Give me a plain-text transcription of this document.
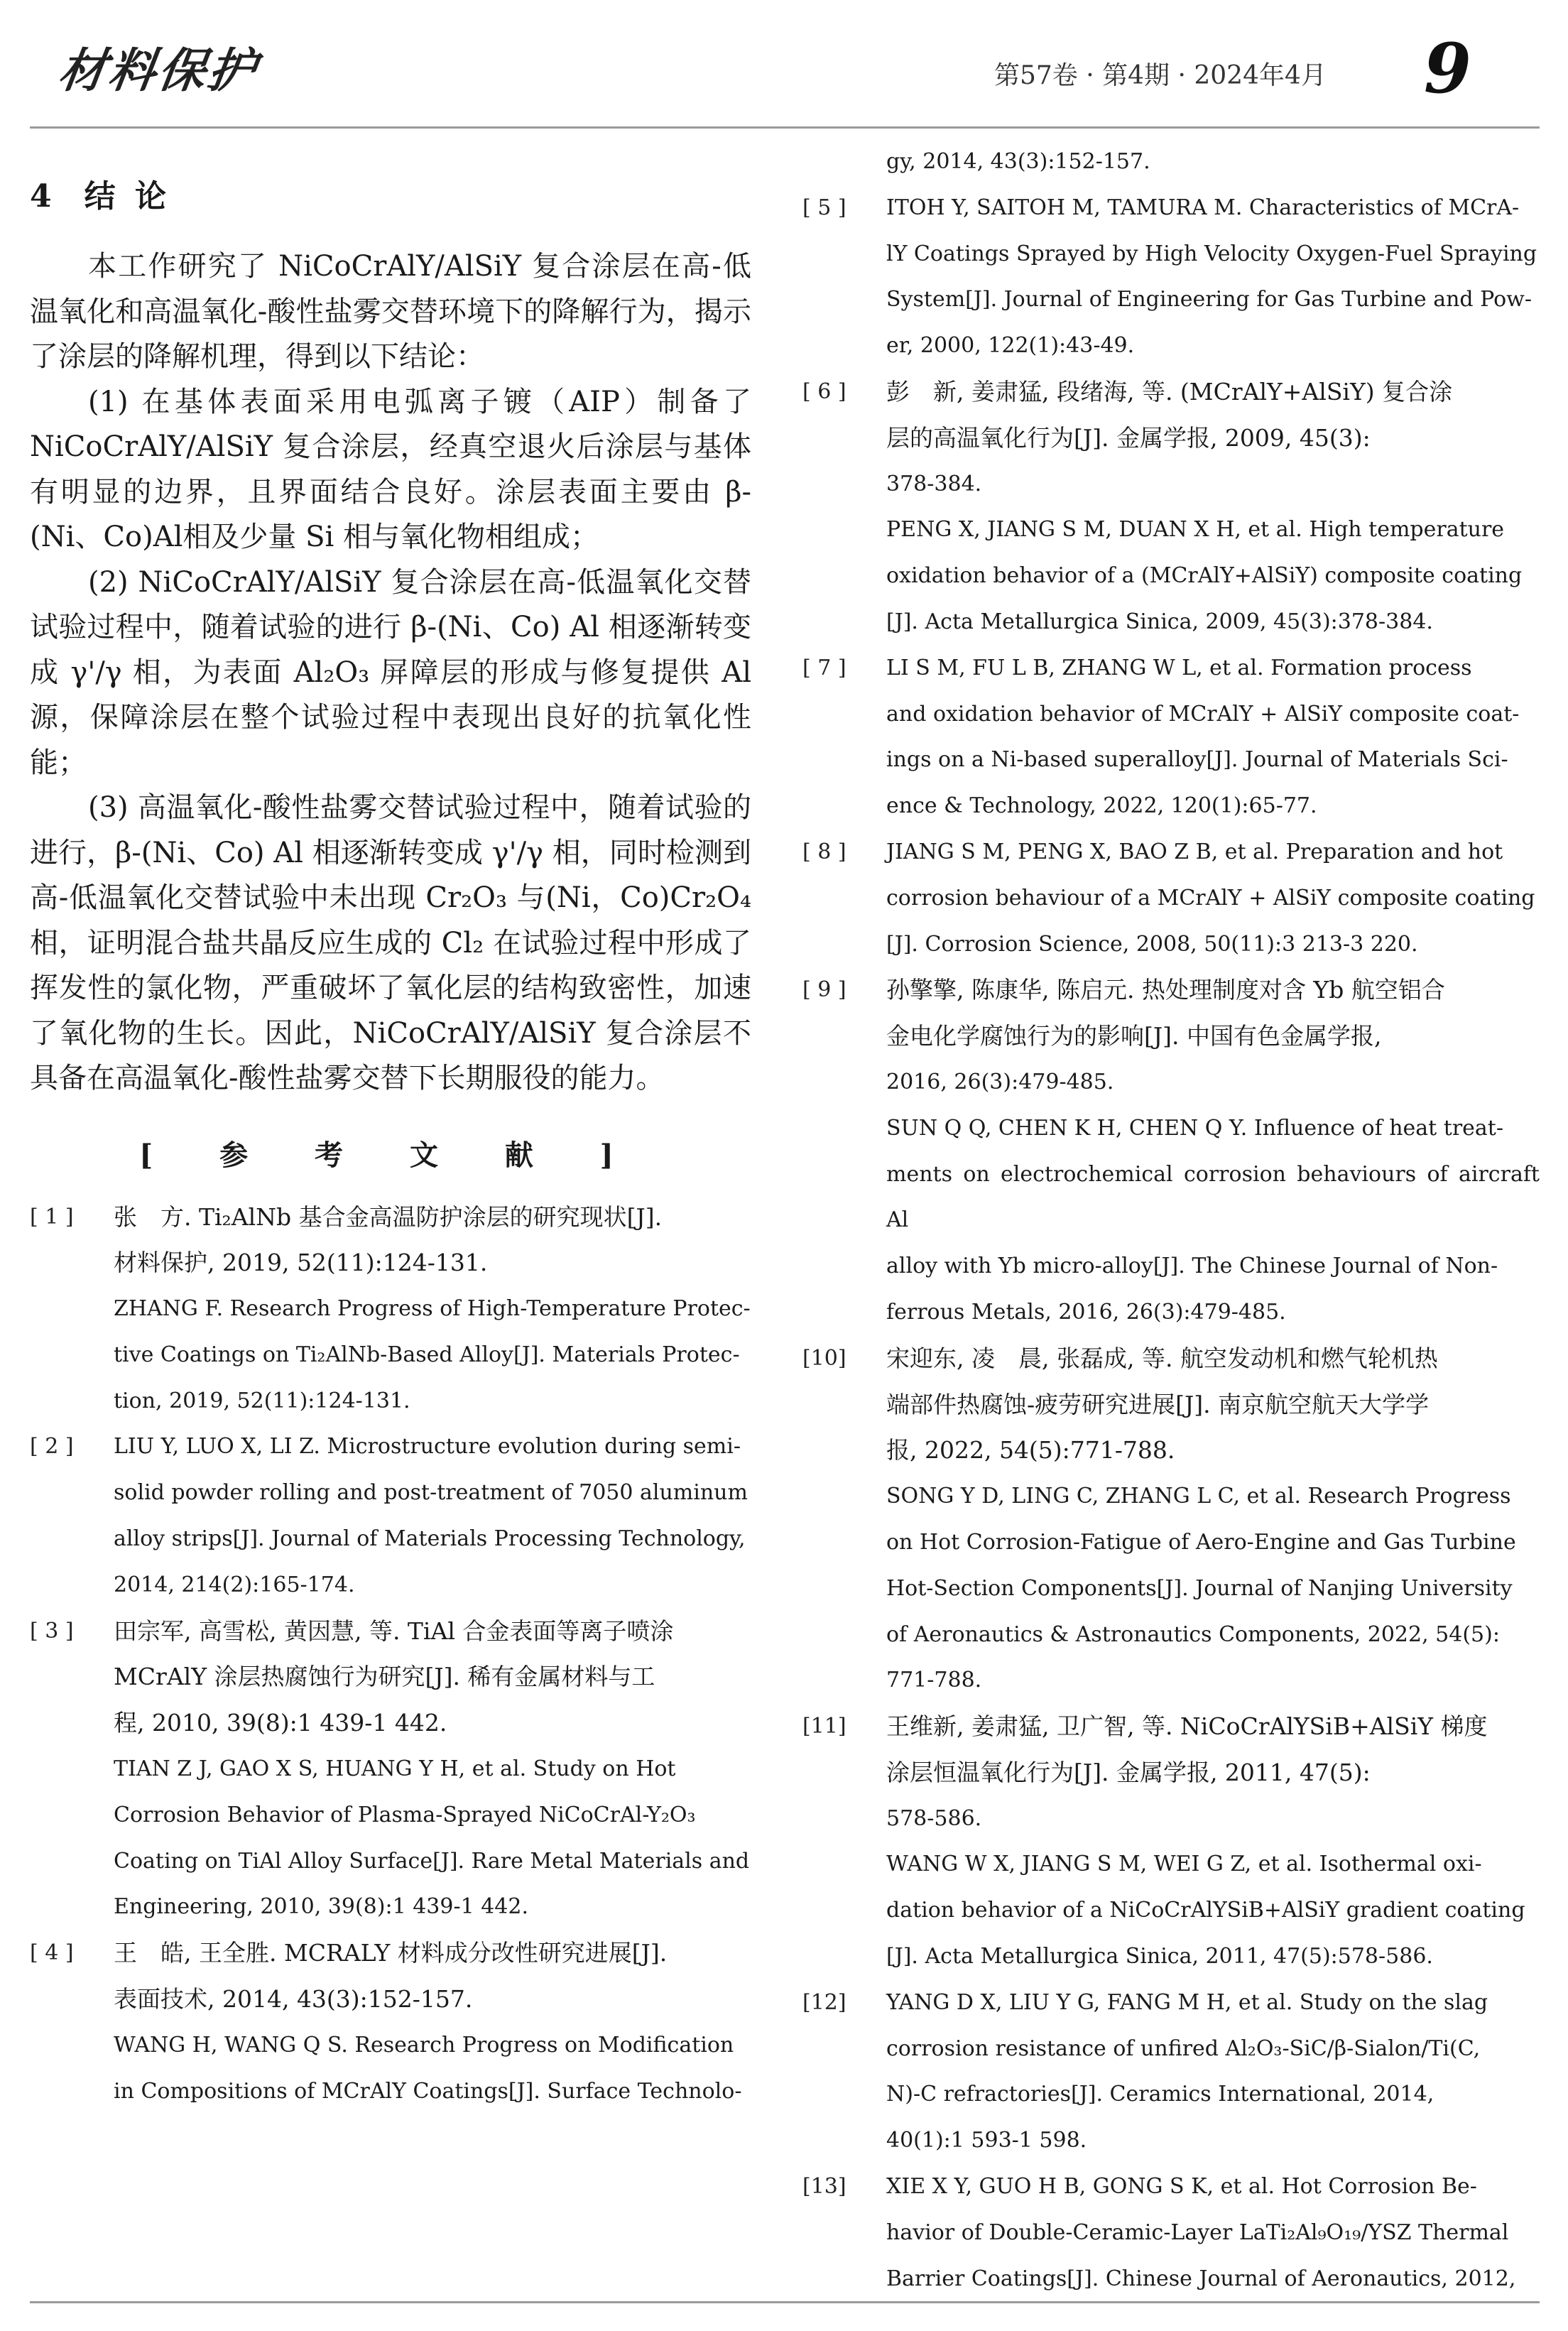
材料保护	第57卷 · 第4期 · 2024年4月 9
4 结 论

本工作研究了 NiCoCrAlY/AlSiY 复合涂层在高-低温氧化和高温氧化-酸性盐雾交替环境下的降解行为，揭示了涂层的降解机理，得到以下结论：

(1) 在基体表面采用电弧离子镀（AIP）制备了 NiCoCrAlY/AlSiY 复合涂层，经真空退火后涂层与基体有明显的边界，且界面结合良好。涂层表面主要由 β-(Ni、Co)Al相及少量 Si 相与氧化物相组成；

(2) NiCoCrAlY/AlSiY 复合涂层在高-低温氧化交替试验过程中，随着试验的进行 β-(Ni、Co) Al 相逐渐转变成 γ'/γ 相，为表面 Al₂O₃ 屏障层的形成与修复提供 Al 源，保障涂层在整个试验过程中表现出良好的抗氧化性能；

(3) 高温氧化-酸性盐雾交替试验过程中，随着试验的进行，β-(Ni、Co) Al 相逐渐转变成 γ'/γ 相，同时检测到高-低温氧化交替试验中未出现 Cr₂O₃ 与(Ni，Co)Cr₂O₄相，证明混合盐共晶反应生成的 Cl₂ 在试验过程中形成了挥发性的氯化物，严重破坏了氧化层的结构致密性，加速了氧化物的生长。因此，NiCoCrAlY/AlSiY 复合涂层不具备在高温氧化-酸性盐雾交替下长期服役的能力。

[ 参 考 文 献 ]
[ 1 ] 张　方. Ti₂AlNb 基合金高温防护涂层的研究现状[J].
材料保护, 2019, 52(11):124-131.
ZHANG F. Research Progress of High-Temperature Protec-
tive Coatings on Ti₂AlNb-Based Alloy[J]. Materials Protec-
tion, 2019, 52(11):124-131.
[ 2 ] LIU Y, LUO X, LI Z. Microstructure evolution during semi-
solid powder rolling and post-treatment of 7050 aluminum
alloy strips[J]. Journal of Materials Processing Technology,
2014, 214(2):165-174.
[ 3 ] 田宗军, 高雪松, 黄因慧, 等. TiAl 合金表面等离子喷涂
MCrAlY 涂层热腐蚀行为研究[J]. 稀有金属材料与工
程, 2010, 39(8):1 439-1 442.
TIAN Z J, GAO X S, HUANG Y H, et al. Study on Hot
Corrosion Behavior of Plasma-Sprayed NiCoCrAl-Y₂O₃
Coating on TiAl Alloy Surface[J]. Rare Metal Materials and
Engineering, 2010, 39(8):1 439-1 442.
[ 4 ] 王　皓, 王全胜. MCRALY 材料成分改性研究进展[J].
表面技术, 2014, 43(3):152-157.
WANG H, WANG Q S. Research Progress on Modification
in Compositions of MCrAlY Coatings[J]. Surface Technolo-
gy, 2014, 43(3):152-157.
[ 5 ] ITOH Y, SAITOH M, TAMURA M. Characteristics of MCrA-
lY Coatings Sprayed by High Velocity Oxygen-Fuel Spraying
System[J]. Journal of Engineering for Gas Turbine and Pow-
er, 2000, 122(1):43-49.
[ 6 ] 彭　新, 姜肃猛, 段绪海, 等. (MCrAlY+AlSiY) 复合涂
层的高温氧化行为[J]. 金属学报, 2009, 45(3):
378-384.
PENG X, JIANG S M, DUAN X H, et al. High temperature
oxidation behavior of a (MCrAlY+AlSiY) composite coating
[J]. Acta Metallurgica Sinica, 2009, 45(3):378-384.
[ 7 ] LI S M, FU L B, ZHANG W L, et al. Formation process
and oxidation behavior of MCrAlY + AlSiY composite coat-
ings on a Ni-based superalloy[J]. Journal of Materials Sci-
ence & Technology, 2022, 120(1):65-77.
[ 8 ] JIANG S M, PENG X, BAO Z B, et al. Preparation and hot
corrosion behaviour of a MCrAlY + AlSiY composite coating
[J]. Corrosion Science, 2008, 50(11):3 213-3 220.
[ 9 ] 孙擎擎, 陈康华, 陈启元. 热处理制度对含 Yb 航空铝合
金电化学腐蚀行为的影响[J]. 中国有色金属学报,
2016, 26(3):479-485.
SUN Q Q, CHEN K H, CHEN Q Y. Influence of heat treat-
ments on electrochemical corrosion behaviours of aircraft Al
alloy with Yb micro-alloy[J]. The Chinese Journal of Non-
ferrous Metals, 2016, 26(3):479-485.
[10] 宋迎东, 凌　晨, 张磊成, 等. 航空发动机和燃气轮机热
端部件热腐蚀-疲劳研究进展[J]. 南京航空航天大学学
报, 2022, 54(5):771-788.
SONG Y D, LING C, ZHANG L C, et al. Research Progress
on Hot Corrosion-Fatigue of Aero-Engine and Gas Turbine
Hot-Section Components[J]. Journal of Nanjing University
of Aeronautics & Astronautics Components, 2022, 54(5):
771-788.
[11] 王维新, 姜肃猛, 卫广智, 等. NiCoCrAlYSiB+AlSiY 梯度
涂层恒温氧化行为[J]. 金属学报, 2011, 47(5):
578-586.
WANG W X, JIANG S M, WEI G Z, et al. Isothermal oxi-
dation behavior of a NiCoCrAlYSiB+AlSiY gradient coating
[J]. Acta Metallurgica Sinica, 2011, 47(5):578-586.
[12] YANG D X, LIU Y G, FANG M H, et al. Study on the slag
corrosion resistance of unfired Al₂O₃-SiC/β-Sialon/Ti(C,
N)-C refractories[J]. Ceramics International, 2014,
40(1):1 593-1 598.
[13] XIE X Y, GUO H B, GONG S K, et al. Hot Corrosion Be-
havior of Double-Ceramic-Layer LaTi₂Al₉O₁₉/YSZ Thermal
Barrier Coatings[J]. Chinese Journal of Aeronautics, 2012,
